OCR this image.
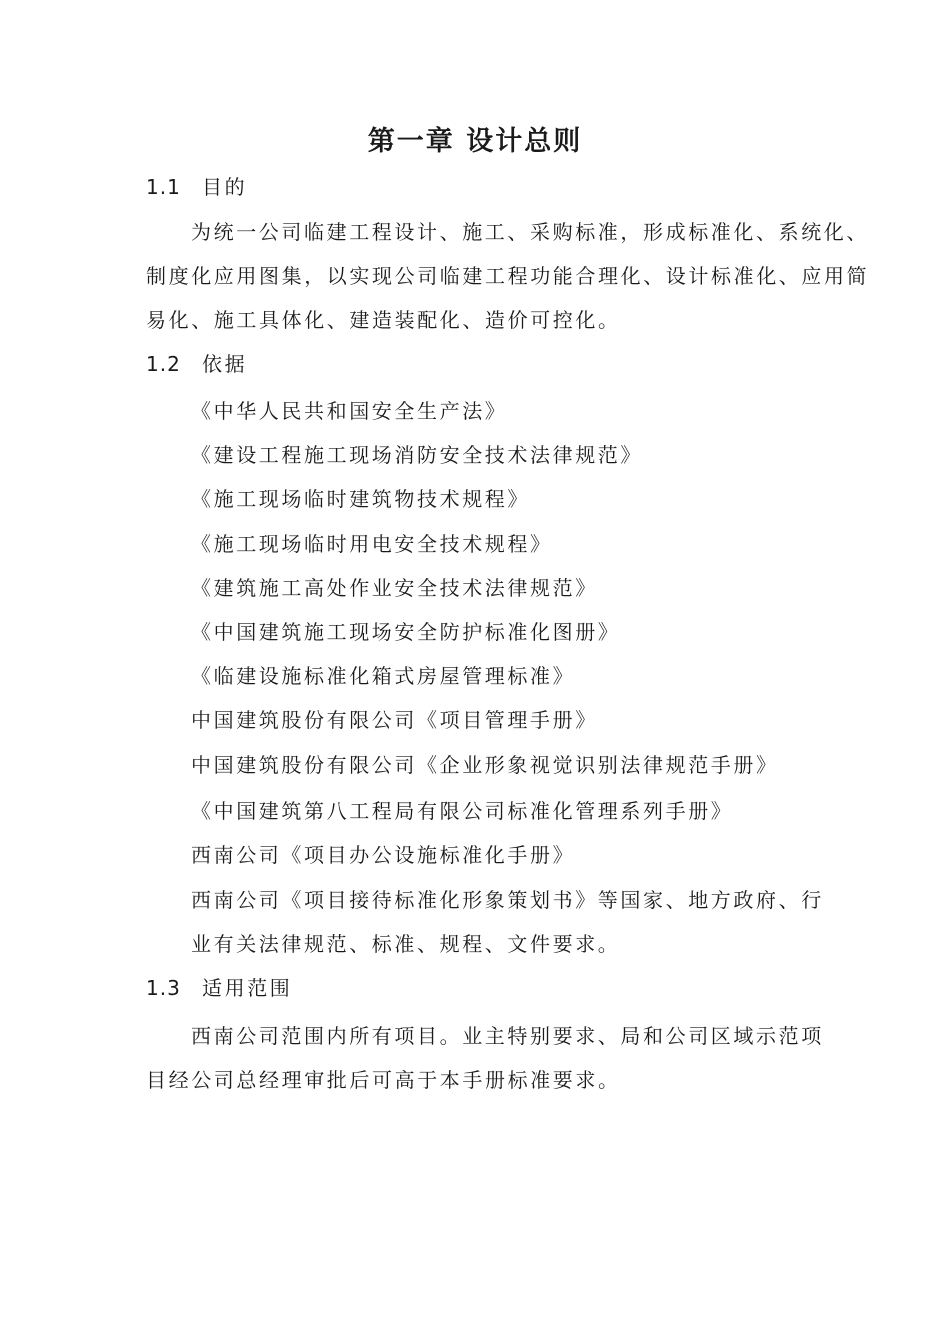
第一章 设计总则
1.1 目的
为统一公司临建工程设计、施工、采购标准，形成标准化、系统化、
制度化应用图集，以实现公司临建工程功能合理化、设计标准化、应用简
易化、施工具体化、建造装配化、造价可控化。
1.2 依据
《中华人民共和国安全生产法》
《建设工程施工现场消防安全技术法律规范》
《施工现场临时建筑物技术规程》
《施工现场临时用电安全技术规程》
《建筑施工高处作业安全技术法律规范》
《中国建筑施工现场安全防护标准化图册》
《临建设施标准化箱式房屋管理标准》
中国建筑股份有限公司《项目管理手册》
中国建筑股份有限公司《企业形象视觉识别法律规范手册》
《中国建筑第八工程局有限公司标准化管理系列手册》
西南公司《项目办公设施标准化手册》
西南公司《项目接待标准化形象策划书》等国家、地方政府、行
业有关法律规范、标准、规程、文件要求。
1.3 适用范围
西南公司范围内所有项目。业主特别要求、局和公司区域示范项
目经公司总经理审批后可高于本手册标准要求。
